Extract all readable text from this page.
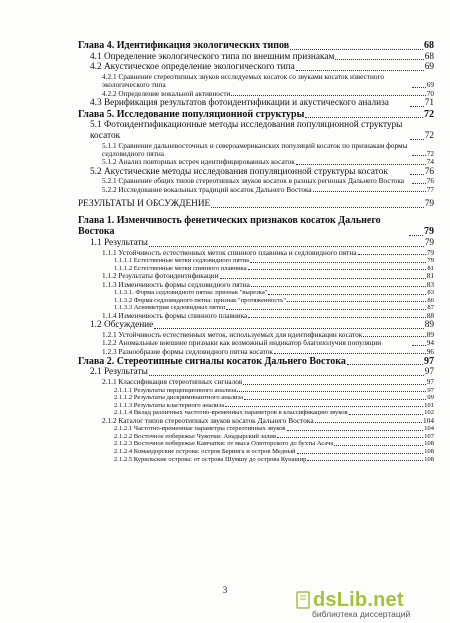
Глава 4. Идентификация экологических типов	68
4.1 Определение экологического типа по внешним признакам	68
4.2 Акустическое определение экологического типа	69
4.2.1 Сравнение стереотипных звуков исследуемых косаток со звуками косаток известного экологического типа	69
4.2.2 Определение вокальной активности	70
4.3 Верификация результатов фотоидентификации и акустического анализа	71
Глава 5. Исследование популяционной структуры	72
5.1 Фотоидентификационные методы исследования популяционной структуры косаток	72
5.1.1 Сравнение дальневосточных и североамериканских популяций косаток по признакам формы седловидного пятна	72
5.1.2 Анализ повторных встреч идентифицированных косаток	74
5.2 Акустические методы исследования популяционной структуры косаток	76
5.2.1 Сравнение общих типов стереотипных звуков косаток в разных регионах Дальнего Востока	76
5.2.2 Исследование вокальных традиций косаток Дальнего Востока	77
РЕЗУЛЬТАТЫ И ОБСУЖДЕНИЕ	79
Глава 1. Изменчивость фенетических признаков косаток Дальнего Востока	79
1.1 Результаты	79
1.1.1 Устойчивость естественных меток спинного плавника и седловидного пятна	79
1.1.1.1 Естественные метки седловидного пятна	79
1.1.1.2 Естественные метки спинного плавника	81
1.1.2 Результаты фотоидентификации	81
1.1.3 Изменчивость формы седловидного пятна	83
1.1.3.1. Форма седловидного пятна: признак "вырезка"	83
1.1.3.2 Форма седловидного пятна: признак "протяженность"	86
1.1.3.3 Асимметрия седловидных пятен	87
1.1.4 Изменчивость формы спинного плавника	88
1.2 Обсуждение	89
1.2.1 Устойчивость естественных меток, используемых для идентификации косаток	89
1.2.2 Аномальные внешние признаки как возможный индикатор благополучия популяции	94
1.2.3 Разнообразие формы седловидного пятна косаток	96
Глава 2. Стереотипные сигналы косаток Дальнего Востока	97
2.1 Результаты	97
2.1.1 Классификация стереотипных сигналов	97
2.1.1.1 Результаты перцепционного анализа	97
2.1.1.2 Результаты дискриминантного анализа	99
2.1.1.3 Результаты кластерного анализа	101
2.1.1.4 Вклад различных частотно-временных параметров в классификацию звуков	102
2.1.2 Каталог типов стереотипных звуков косаток Дальнего Востока	104
2.1.2.1 Частотно-временные параметры стереотипных звуков	104
2.1.2.2 Восточное побережье Чукотки: Анадырский залив	107
2.1.2.3 Восточное побережье Камчатки: от мыса Олюторского до бухты Асача	108
2.1.2.4 Командорские острова: остров Беринга и остров Медный	108
2.1.2.5 Курильские острова: от острова Шумшу до острова Кунашир	108
3	dsLib.net
библиотека диссертаций
